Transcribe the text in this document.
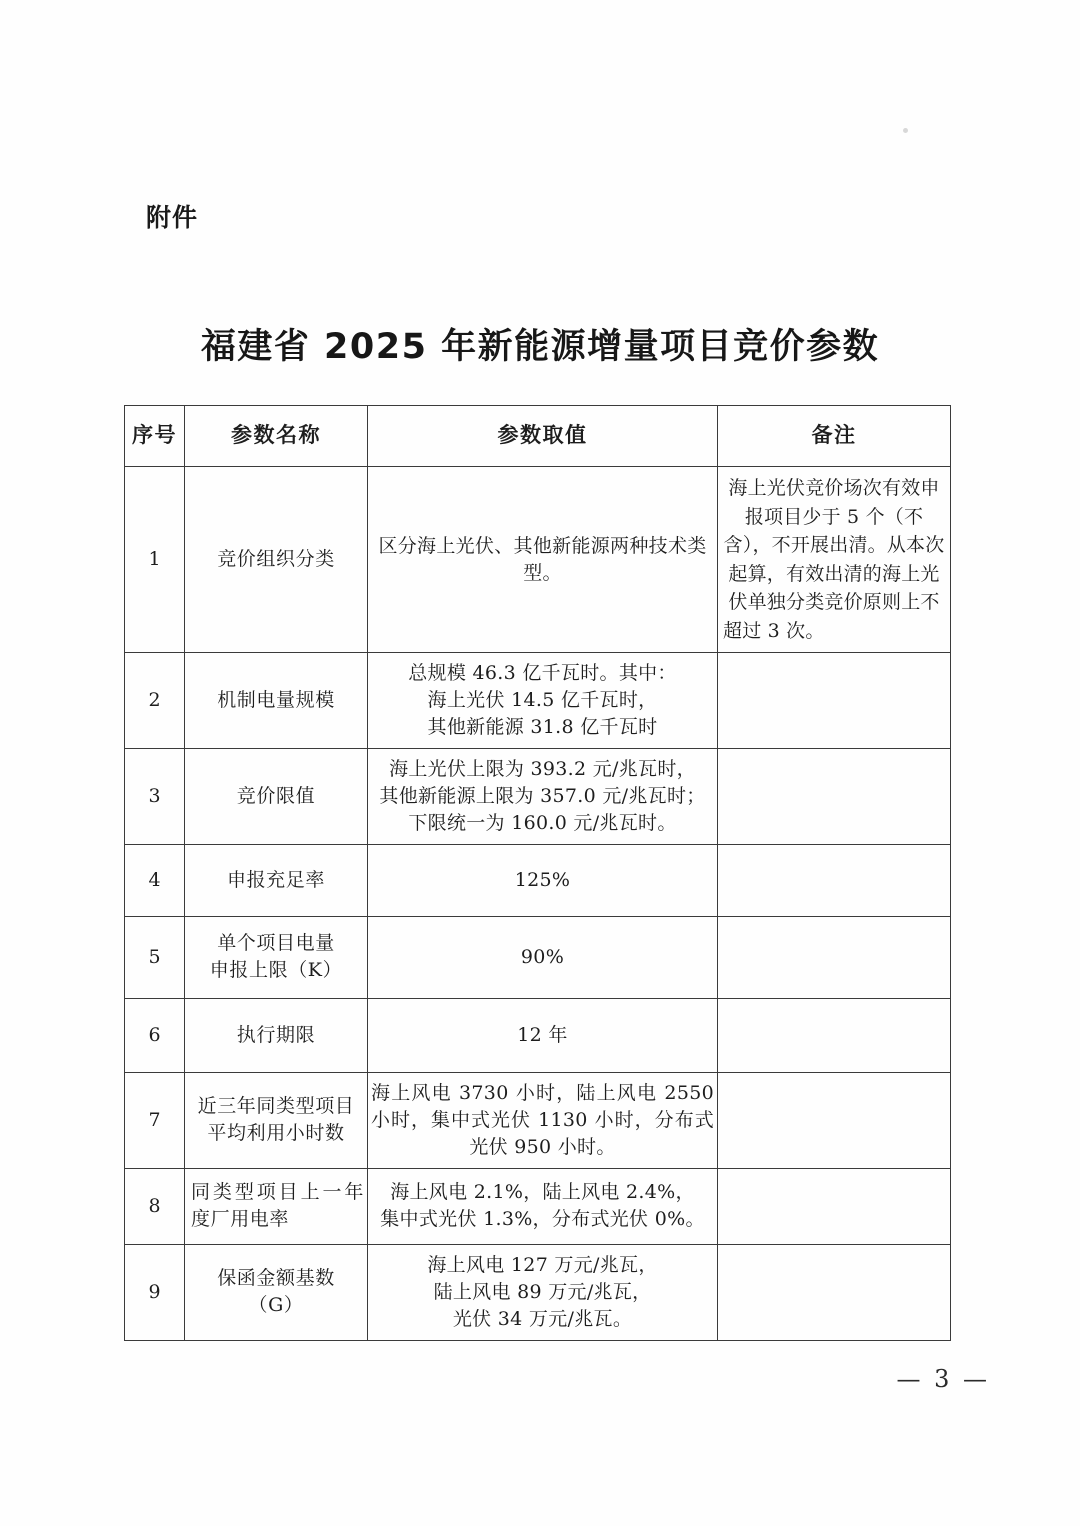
附件
福建省 2025 年新能源增量项目竞价参数
序号	参数名称	参数取值	备注
1	竞价组织分类	区分海上光伏、其他新能源两种技术类型。	海上光伏竞价场次有效申报项目少于 5 个（不含），不开展出清。从本次起算，有效出清的海上光伏单独分类竞价原则上不超过 3 次。
2	机制电量规模	总规模 46.3 亿千瓦时。其中：
海上光伏 14.5 亿千瓦时，
其他新能源 31.8 亿千瓦时	
3	竞价限值	海上光伏上限为 393.2 元/兆瓦时，
其他新能源上限为 357.0 元/兆瓦时；
下限统一为 160.0 元/兆瓦时。	
4	申报充足率	125%	
5	单个项目电量
申报上限（K）	90%	
6	执行期限	12 年	
7	近三年同类型项目
平均利用小时数	海上风电 3730 小时，陆上风电 2550 小时，集中式光伏 1130 小时，分布式光伏 950 小时。	
8	同类型项目上一年度厂用电率	海上风电 2.1%，陆上风电 2.4%，
集中式光伏 1.3%，分布式光伏 0%。	
9	保函金额基数
（G）	海上风电 127 万元/兆瓦，
陆上风电 89 万元/兆瓦，
光伏 34 万元/兆瓦。	
— 3 —
